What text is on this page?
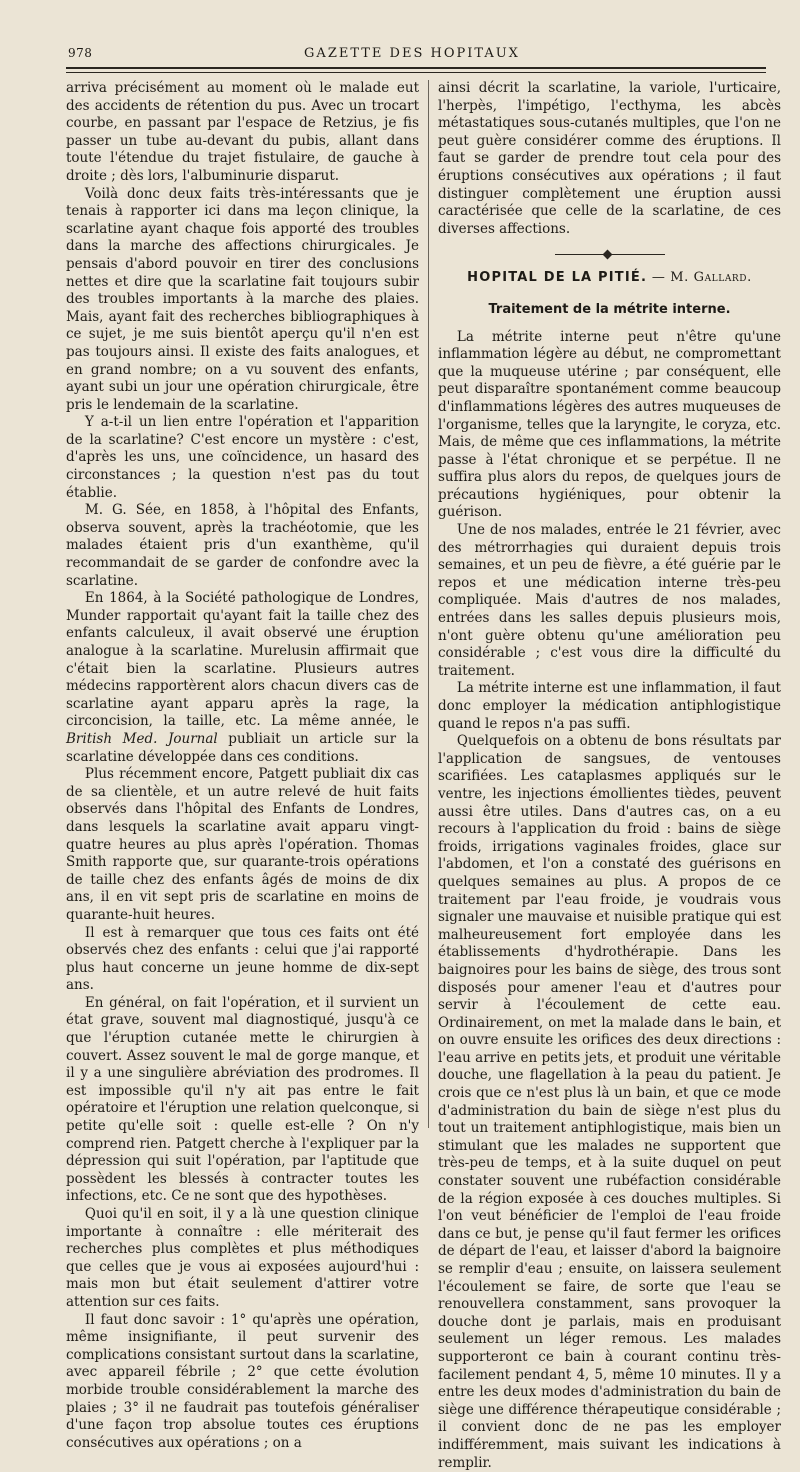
978	GAZETTE DES HOPITAUX

arriva précisément au moment où le malade eut des accidents de rétention du pus. Avec un trocart courbe, en passant par l'espace de Retzius, je fis passer un tube au-devant du pubis, allant dans toute l'étendue du trajet fistulaire, de gauche à droite ; dès lors, l'albuminurie disparut.

Voilà donc deux faits très-intéressants que je tenais à rapporter ici dans ma leçon clinique, la scarlatine ayant chaque fois apporté des troubles dans la marche des affections chirurgicales. Je pensais d'abord pouvoir en tirer des conclusions nettes et dire que la scarlatine fait toujours subir des troubles importants à la marche des plaies. Mais, ayant fait des recherches bibliographiques à ce sujet, je me suis bientôt aperçu qu'il n'en est pas toujours ainsi. Il existe des faits analogues, et en grand nombre; on a vu souvent des enfants, ayant subi un jour une opération chirurgicale, être pris le lendemain de la scarlatine.

Y a-t-il un lien entre l'opération et l'apparition de la scarlatine? C'est encore un mystère : c'est, d'après les uns, une coïncidence, un hasard des circonstances ; la question n'est pas du tout établie.

M. G. Sée, en 1858, à l'hôpital des Enfants, observa souvent, après la trachéotomie, que les malades étaient pris d'un exanthème, qu'il recommandait de se garder de confondre avec la scarlatine.

En 1864, à la Société pathologique de Londres, Munder rapportait qu'ayant fait la taille chez des enfants calculeux, il avait observé une éruption analogue à la scarlatine. Murelusin affirmait que c'était bien la scarlatine. Plusieurs autres médecins rapportèrent alors chacun divers cas de scarlatine ayant apparu après la rage, la circoncision, la taille, etc. La même année, le British Med. Journal publiait un article sur la scarlatine développée dans ces conditions.

Plus récemment encore, Patgett publiait dix cas de sa clientèle, et un autre relevé de huit faits observés dans l'hôpital des Enfants de Londres, dans lesquels la scarlatine avait apparu vingt-quatre heures au plus après l'opération. Thomas Smith rapporte que, sur quarante-trois opérations de taille chez des enfants âgés de moins de dix ans, il en vit sept pris de scarlatine en moins de quarante-huit heures.

Il est à remarquer que tous ces faits ont été observés chez des enfants : celui que j'ai rapporté plus haut concerne un jeune homme de dix-sept ans.

En général, on fait l'opération, et il survient un état grave, souvent mal diagnostiqué, jusqu'à ce que l'éruption cutanée mette le chirurgien à couvert. Assez souvent le mal de gorge manque, et il y a une singulière abréviation des prodromes. Il est impossible qu'il n'y ait pas entre le fait opératoire et l'éruption une relation quelconque, si petite qu'elle soit : quelle est-elle ? On n'y comprend rien. Patgett cherche à l'expliquer par la dépression qui suit l'opération, par l'aptitude que possèdent les blessés à contracter toutes les infections, etc. Ce ne sont que des hypothèses.

Quoi qu'il en soit, il y a là une question clinique importante à connaître : elle mériterait des recherches plus complètes et plus méthodiques que celles que je vous ai exposées aujourd'hui : mais mon but était seulement d'attirer votre attention sur ces faits.

Il faut donc savoir : 1° qu'après une opération, même insignifiante, il peut survenir des complications consistant surtout dans la scarlatine, avec appareil fébrile ; 2° que cette évolution morbide trouble considérablement la marche des plaies ; 3° il ne faudrait pas toutefois généraliser d'une façon trop absolue toutes ces éruptions consécutives aux opérations ; on a

ainsi décrit la scarlatine, la variole, l'urticaire, l'herpès, l'impétigo, l'ecthyma, les abcès métastatiques sous-cutanés multiples, que l'on ne peut guère considérer comme des éruptions. Il faut se garder de prendre tout cela pour des éruptions consécutives aux opérations ; il faut distinguer complètement une éruption aussi caractérisée que celle de la scarlatine, de ces diverses affections.

HOPITAL DE LA PITIÉ. — M. Gallard.
Traitement de la métrite interne.

La métrite interne peut n'être qu'une inflammation légère au début, ne compromettant que la muqueuse utérine ; par conséquent, elle peut disparaître spontanément comme beaucoup d'inflammations légères des autres muqueuses de l'organisme, telles que la laryngite, le coryza, etc. Mais, de même que ces inflammations, la métrite passe à l'état chronique et se perpétue. Il ne suffira plus alors du repos, de quelques jours de précautions hygiéniques, pour obtenir la guérison.

Une de nos malades, entrée le 21 février, avec des métrorrhagies qui duraient depuis trois semaines, et un peu de fièvre, a été guérie par le repos et une médication interne très-peu compliquée. Mais d'autres de nos malades, entrées dans les salles depuis plusieurs mois, n'ont guère obtenu qu'une amélioration peu considérable ; c'est vous dire la difficulté du traitement.

La métrite interne est une inflammation, il faut donc employer la médication antiphlogistique quand le repos n'a pas suffi.

Quelquefois on a obtenu de bons résultats par l'application de sangsues, de ventouses scarifiées. Les cataplasmes appliqués sur le ventre, les injections émollientes tièdes, peuvent aussi être utiles. Dans d'autres cas, on a eu recours à l'application du froid : bains de siège froids, irrigations vaginales froides, glace sur l'abdomen, et l'on a constaté des guérisons en quelques semaines au plus. A propos de ce traitement par l'eau froide, je voudrais vous signaler une mauvaise et nuisible pratique qui est malheureusement fort employée dans les établissements d'hydrothérapie. Dans les baignoires pour les bains de siège, des trous sont disposés pour amener l'eau et d'autres pour servir à l'écoulement de cette eau. Ordinairement, on met la malade dans le bain, et on ouvre ensuite les orifices des deux directions : l'eau arrive en petits jets, et produit une véritable douche, une flagellation à la peau du patient. Je crois que ce n'est plus là un bain, et que ce mode d'administration du bain de siège n'est plus du tout un traitement antiphlogistique, mais bien un stimulant que les malades ne supportent que très-peu de temps, et à la suite duquel on peut constater souvent une rubéfaction considérable de la région exposée à ces douches multiples. Si l'on veut bénéficier de l'emploi de l'eau froide dans ce but, je pense qu'il faut fermer les orifices de départ de l'eau, et laisser d'abord la baignoire se remplir d'eau ; ensuite, on laissera seulement l'écoulement se faire, de sorte que l'eau se renouvellera constamment, sans provoquer la douche dont je parlais, mais en produisant seulement un léger remous. Les malades supporteront ce bain à courant continu très-facilement pendant 4, 5, même 10 minutes. Il y a entre les deux modes d'administration du bain de siège une différence thérapeutique considérable ; il convient donc de ne pas les employer indifféremment, mais suivant les indications à remplir.
